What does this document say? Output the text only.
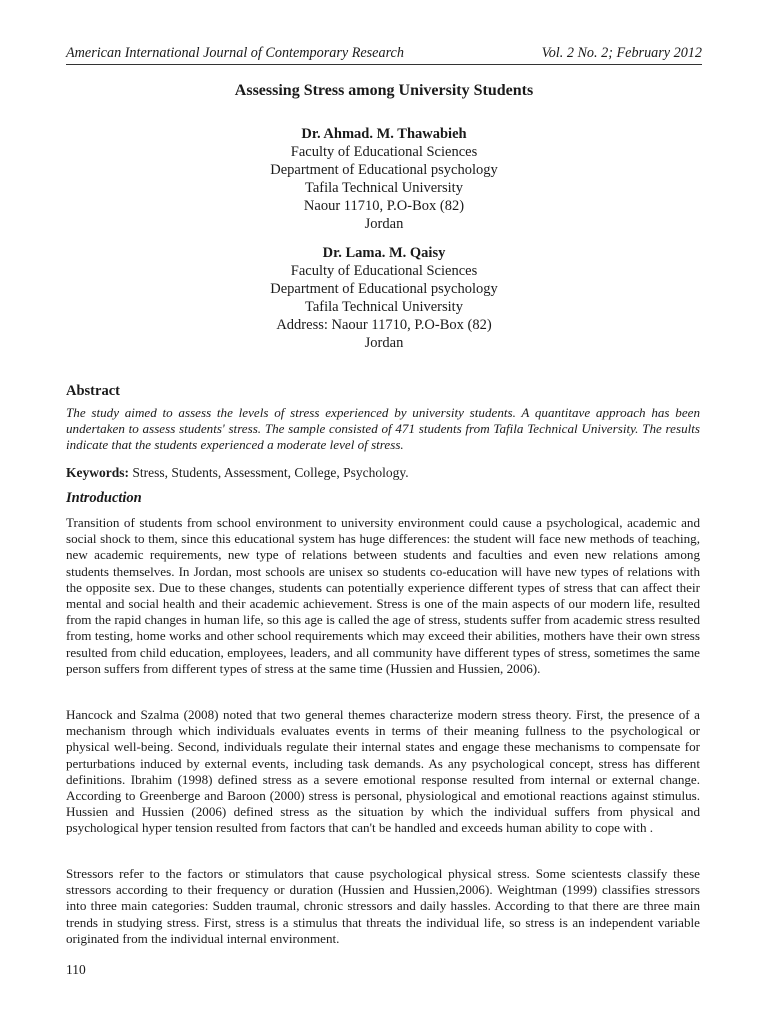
American International Journal of Contemporary Research	Vol. 2 No. 2; February 2012
Assessing Stress among University Students
Dr. Ahmad. M. Thawabieh
Faculty of Educational Sciences
Department of Educational psychology
Tafila Technical University
Naour 11710, P.O-Box (82)
Jordan
Dr. Lama. M. Qaisy
Faculty of Educational Sciences
Department of Educational psychology
Tafila Technical University
Address: Naour 11710, P.O-Box (82)
Jordan
Abstract

The study aimed to assess the levels of stress experienced by university students. A quantitave approach has been undertaken to assess students' stress. The sample consisted of 471 students from Tafila Technical University. The results indicate that the students experienced a moderate level of stress.

Keywords: Stress, Students, Assessment, College, Psychology.

Introduction

Transition of students from school environment to university environment could cause a psychological, academic and social shock to them, since this educational system has huge differences: the student will face new methods of teaching, new academic requirements, new type of relations between students and faculties and even new relations among students themselves. In Jordan, most schools are unisex so students co-education will have new types of relations with the opposite sex. Due to these changes, students can potentially experience different types of stress that can affect their mental and social health and their academic achievement. Stress is one of the main aspects of our modern life, resulted from the rapid changes in human life, so this age is called the age of stress, students suffer from academic stress resulted from testing, home works and other school requirements which may exceed their abilities, mothers have their own stress resulted from child education, employees, leaders, and all community have different types of stress, sometimes the same person suffers from different types of stress at the same time (Hussien and Hussien, 2006).

Hancock and Szalma (2008) noted that two general themes characterize modern stress theory. First, the presence of a mechanism through which individuals evaluates events in terms of their meaning fullness to the psychological or physical well-being. Second, individuals regulate their internal states and engage these mechanisms to compensate for perturbations induced by external events, including task demands. As any psychological concept, stress has different definitions. Ibrahim (1998) defined stress as a severe emotional response resulted from internal or external change. According to Greenberge and Baroon (2000) stress is personal, physiological and emotional reactions against stimulus. Hussien and Hussien (2006) defined stress as the situation by which the individual suffers from physical and psychological hyper tension resulted from factors that can't be handled and exceeds human ability to cope with .

Stressors refer to the factors or stimulators that cause psychological physical stress. Some scientests classify these stressors according to their frequency or duration (Hussien and Hussien,2006). Weightman (1999) classifies stressors into three main categories: Sudden traumal, chronic stressors and daily hassles. According to that there are three main trends in studying stress. First, stress is a stimulus that threats the individual life, so stress is an independent variable originated from the individual internal environment.

110
